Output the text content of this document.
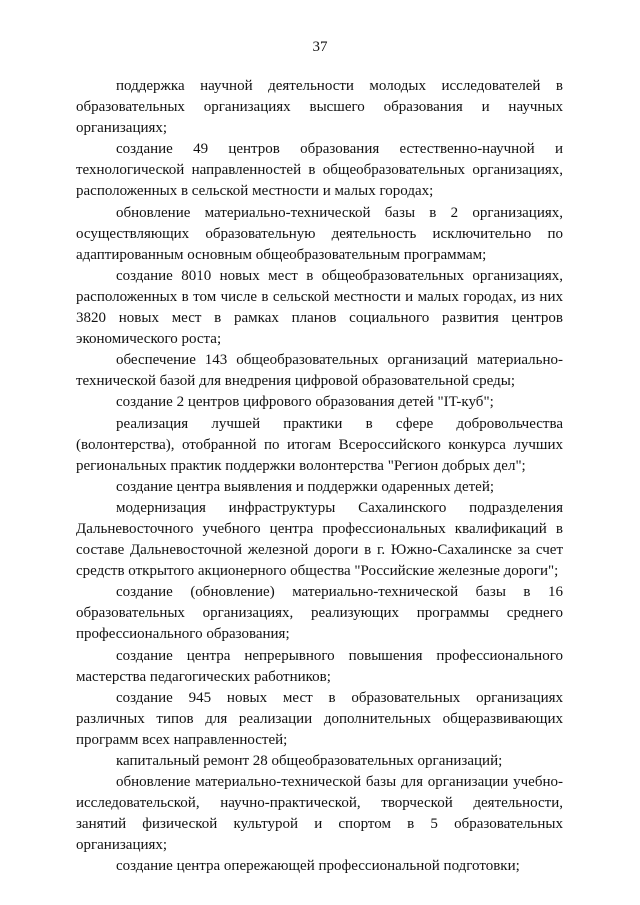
37

поддержка научной деятельности молодых исследователей в образовательных организациях высшего образования и научных организациях;

создание 49 центров образования естественно-научной и технологической направленностей в общеобразовательных организациях, расположенных в сельской местности и малых городах;

обновление материально-технической базы в 2 организациях, осуществляющих образовательную деятельность исключительно по адаптированным основным общеобразовательным программам;

создание 8010 новых мест в общеобразовательных организациях, расположенных в том числе в сельской местности и малых городах, из них 3820 новых мест в рамках планов социального развития центров экономического роста;

обеспечение 143 общеобразовательных организаций материально-технической базой для внедрения цифровой образовательной среды;

создание 2 центров цифрового образования детей "IT-куб";

реализация лучшей практики в сфере добровольчества (волонтерства), отобранной по итогам Всероссийского конкурса лучших региональных практик поддержки волонтерства "Регион добрых дел";

создание центра выявления и поддержки одаренных детей;

модернизация инфраструктуры Сахалинского подразделения Дальневосточного учебного центра профессиональных квалификаций в составе Дальневосточной железной дороги в г. Южно-Сахалинске за счет средств открытого акционерного общества "Российские железные дороги";

создание (обновление) материально-технической базы в 16 образовательных организациях, реализующих программы среднего профессионального образования;

создание центра непрерывного повышения профессионального мастерства педагогических работников;

создание 945 новых мест в образовательных организациях различных типов для реализации дополнительных общеразвивающих программ всех направленностей;

капитальный ремонт 28 общеобразовательных организаций;

обновление материально-технической базы для организации учебно-исследовательской, научно-практической, творческой деятельности, занятий физической культурой и спортом в 5 образовательных организациях;

создание центра опережающей профессиональной подготовки;
